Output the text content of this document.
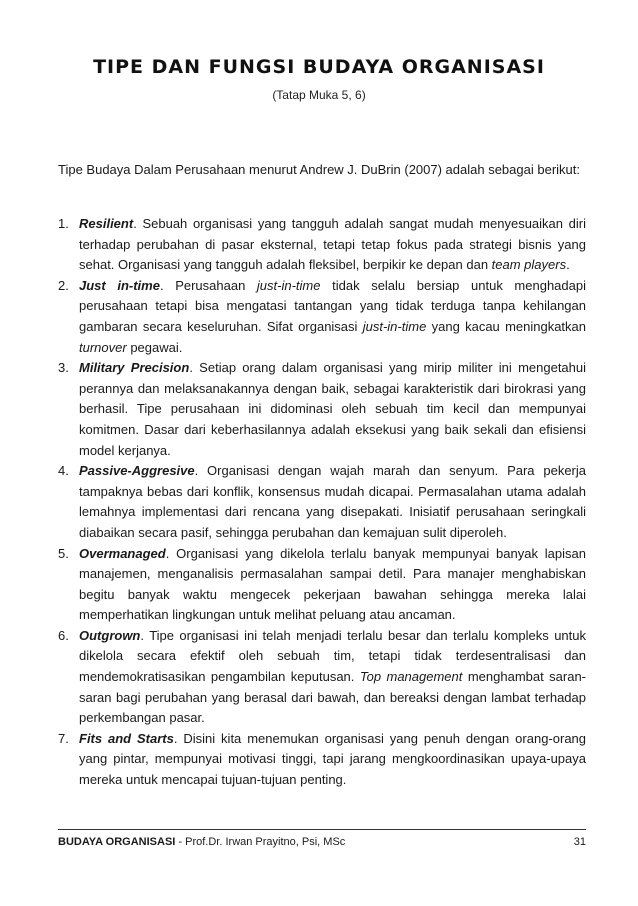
TIPE DAN FUNGSI BUDAYA ORGANISASI
(Tatap Muka 5, 6)

Tipe Budaya Dalam Perusahaan menurut Andrew J. DuBrin (2007) adalah sebagai berikut:

1. Resilient. Sebuah organisasi yang tangguh adalah sangat mudah menyesuaikan diri terhadap perubahan di pasar eksternal, tetapi tetap fokus pada strategi bisnis yang sehat. Organisasi yang tangguh adalah fleksibel, berpikir ke depan dan team players.
2. Just in-time. Perusahaan just-in-time tidak selalu bersiap untuk menghadapi perusahaan tetapi bisa mengatasi tantangan yang tidak terduga tanpa kehilangan gambaran secara keseluruhan. Sifat organisasi just-in-time yang kacau meningkatkan turnover pegawai.
3. Military Precision. Setiap orang dalam organisasi yang mirip militer ini mengetahui perannya dan melaksanakannya dengan baik, sebagai karakteristik dari birokrasi yang berhasil. Tipe perusahaan ini didominasi oleh sebuah tim kecil dan mempunyai komitmen. Dasar dari keberhasilannya adalah eksekusi yang baik sekali dan efisiensi model kerjanya.
4. Passive-Aggresive. Organisasi dengan wajah marah dan senyum. Para pekerja tampaknya bebas dari konflik, konsensus mudah dicapai. Permasalahan utama adalah lemahnya implementasi dari rencana yang disepakati. Inisiatif perusahaan seringkali diabaikan secara pasif, sehingga perubahan dan kemajuan sulit diperoleh.
5. Overmanaged. Organisasi yang dikelola terlalu banyak mempunyai banyak lapisan manajemen, menganalisis permasalahan sampai detil. Para manajer menghabiskan begitu banyak waktu mengecek pekerjaan bawahan sehingga mereka lalai memperhatikan lingkungan untuk melihat peluang atau ancaman.
6. Outgrown. Tipe organisasi ini telah menjadi terlalu besar dan terlalu kompleks untuk dikelola secara efektif oleh sebuah tim, tetapi tidak terdesentralisasi dan mendemokratisasikan pengambilan keputusan. Top management menghambat saran-saran bagi perubahan yang berasal dari bawah, dan bereaksi dengan lambat terhadap perkembangan pasar.
7. Fits and Starts. Disini kita menemukan organisasi yang penuh dengan orang-orang yang pintar, mempunyai motivasi tinggi, tapi jarang mengkoordinasikan upaya-upaya mereka untuk mencapai tujuan-tujuan penting.
BUDAYA ORGANISASI - Prof.Dr. Irwan Prayitno, Psi, MSc	31
